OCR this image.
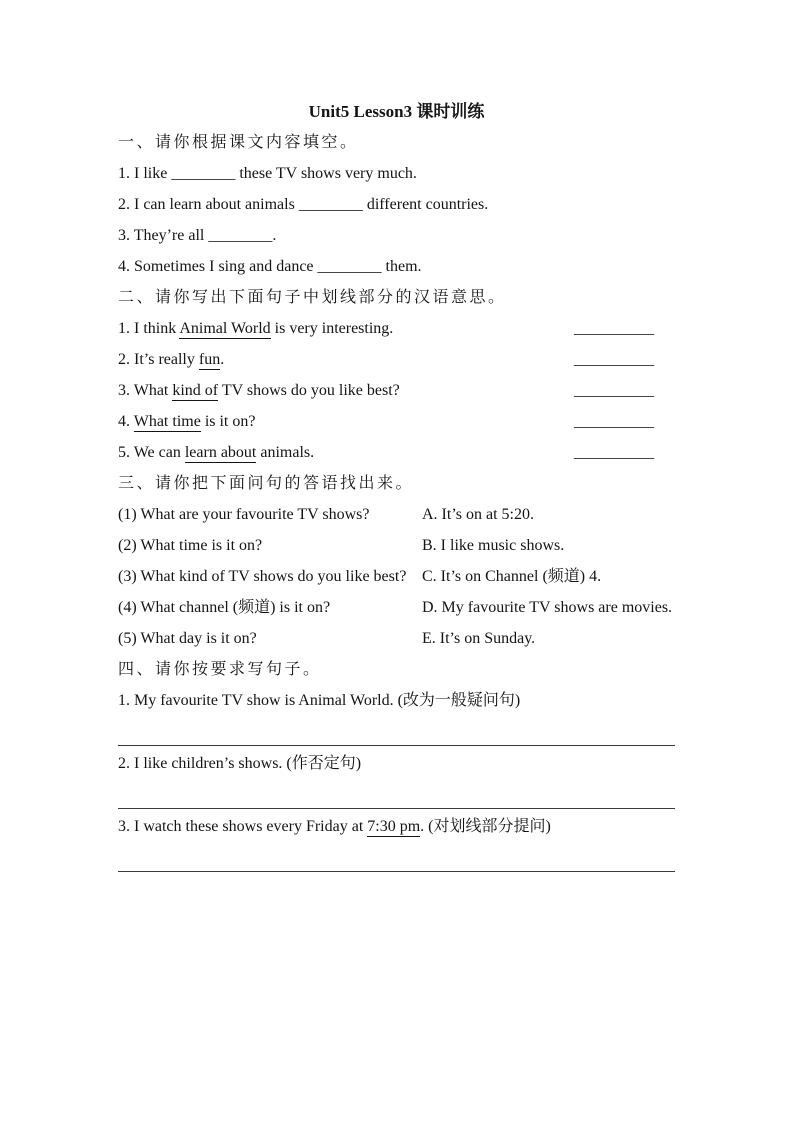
Unit5 Lesson3 课时训练
一、请你根据课文内容填空。
1. I like ________ these TV shows very much.
2. I can learn about animals ________ different countries.
3. They’re all ________.
4. Sometimes I sing and dance ________ them.
二、请你写出下面句子中划线部分的汉语意思。
1. I think Animal World is very interesting.	__________
2. It’s really fun.	__________
3. What kind of TV shows do you like best?	__________
4. What time is it on?	__________
5. We can learn about animals.	__________
三、请你把下面问句的答语找出来。
(1) What are your favourite TV shows?	A. It’s on at 5:20.
(2) What time is it on?	B. I like music shows.
(3) What kind of TV shows do you like best? C. It’s on Channel (频道) 4.
(4) What channel (频道) is it on?	D. My favourite TV shows are movies.
(5) What day is it on?	E. It’s on Sunday.
四、请你按要求写句子。
1. My favourite TV show is Animal World. (改为一般疑问句)
2. I like children’s shows. (作否定句)
3. I watch these shows every Friday at 7:30 pm. (对划线部分提问)
